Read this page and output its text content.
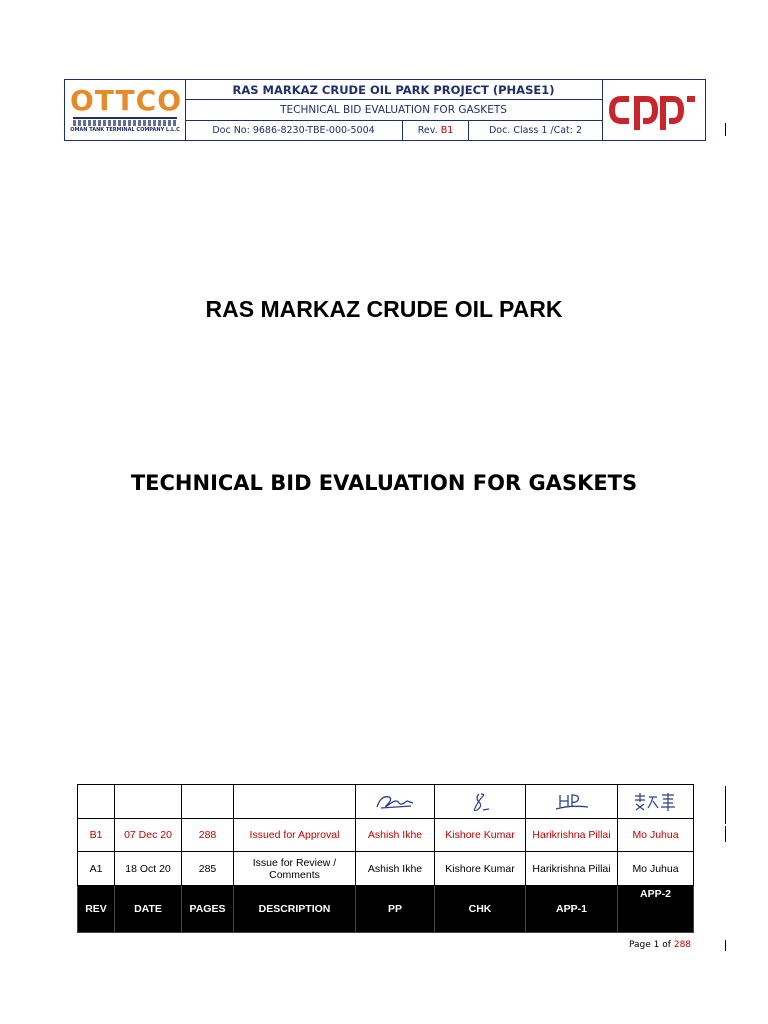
OTTCO
OMAN TANK TERMINAL COMPANY L.L.C
RAS MARKAZ CRUDE OIL PARK PROJECT (PHASE1)
TECHNICAL BID EVALUATION FOR GASKETS
Doc No: 9686-8230-TBE-000-5004	Rev. B1	Doc. Class 1 /Cat: 2
RAS MARKAZ CRUDE OIL PARK
TECHNICAL BID EVALUATION FOR GASKETS

B1	07 Dec 20	288	Issued for Approval	Ashish Ikhe	Kishore Kumar	Harikrishna Pillai	Mo Juhua
A1	18 Oct 20	285	Issue for Review / Comments	Ashish Ikhe	Kishore Kumar	Harikrishna Pillai	Mo Juhua
REV	DATE	PAGES	DESCRIPTION	PP	CHK	APP-1	APP-2
Page 1 of 288
